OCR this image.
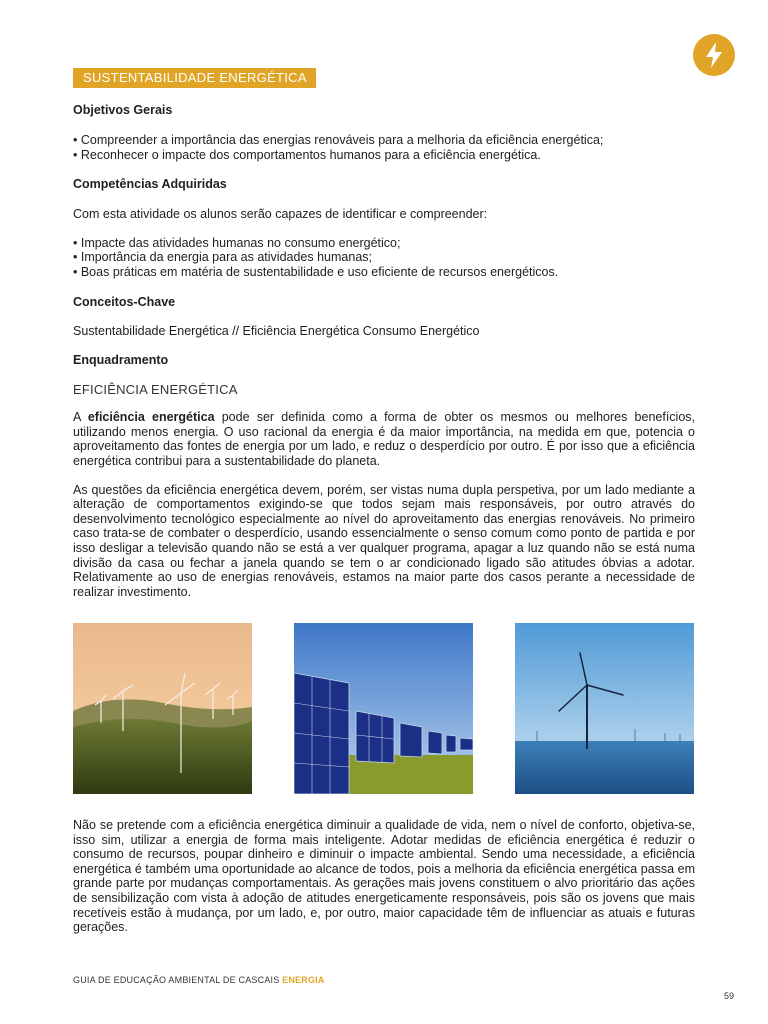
SUSTENTABILIDADE ENERGÉTICA

Objetivos Gerais

• Compreender a importância das energias renováveis para a melhoria da eficiência energética;

• Reconhecer o impacte dos comportamentos humanos para a eficiência energética.

Competências Adquiridas

Com esta atividade os alunos serão capazes de identificar e compreender:

• Impacte das atividades humanas no consumo energético;

• Importância da energia para as atividades humanas;

• Boas práticas em matéria de sustentabilidade e uso eficiente de recursos energéticos.

Conceitos-Chave

Sustentabilidade Energética // Eficiência Energética Consumo Energético

Enquadramento

EFICIÊNCIA ENERGÉTICA

A eficiência energética pode ser definida como a forma de obter os mesmos ou melhores benefícios, utilizando menos energia. O uso racional da energia é da maior importância, na medida em que, potencia o aproveitamento das fontes de energia por um lado, e reduz o desperdício por outro. É por isso que a eficiência energética contribui para a sustentabilidade do planeta.

As questões da eficiência energética devem, porém, ser vistas numa dupla perspetiva, por um lado mediante a alteração de comportamentos exigindo-se que todos sejam mais responsáveis, por outro através do desenvolvimento tecnológico especialmente ao nível do aproveitamento das energias renováveis. No primeiro caso trata-se de combater o desperdício, usando essencialmente o senso comum como ponto de partida e por isso desligar a televisão quando não se está a ver qualquer programa, apagar a luz quando não se está numa divisão da casa ou fechar a janela quando se tem o ar condicionado ligado são atitudes óbvias a adotar. Relativamente ao uso de energias renováveis, estamos na maior parte dos casos perante a necessidade de realizar investimento.

Não se pretende com a eficiência energética diminuir a qualidade de vida, nem o nível de conforto, objetiva-se, isso sim, utilizar a energia de forma mais inteligente. Adotar medidas de eficiência energética é reduzir o consumo de recursos, poupar dinheiro e diminuir o impacte ambiental. Sendo uma necessidade, a eficiência energética é também uma oportunidade ao alcance de todos, pois a melhoria da eficiência energética passa em grande parte por mudanças comportamentais. As gerações mais jovens constituem o alvo prioritário das ações de sensibilização com vista à adoção de atitudes energeticamente responsáveis, pois são os jovens que mais recetíveis estão à mudança, por um lado, e, por outro, maior capacidade têm de influenciar as atuais e futuras gerações.

GUIA DE EDUCAÇÃO AMBIENTAL DE CASCAIS ENERGIA
59
